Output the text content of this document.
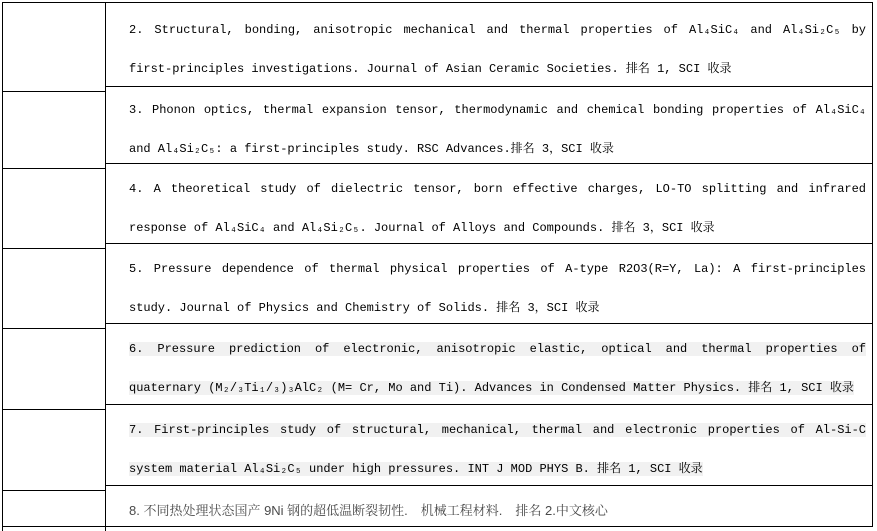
2. Structural, bonding, anisotropic mechanical and thermal properties of Al₄SiC₄ and Al₄Si₂C₅ by first-principles investigations. Journal of Asian Ceramic Societies. 排名 1, SCI 收录

3. Phonon optics, thermal expansion tensor, thermodynamic and chemical bonding properties of Al₄SiC₄ and Al₄Si₂C₅: a first-principles study. RSC Advances.排名 3，SCI 收录

4. A theoretical study of dielectric tensor, born effective charges, LO-TO splitting and infrared response of Al₄SiC₄ and Al₄Si₂C₅. Journal of Alloys and Compounds. 排名 3，SCI 收录

5. Pressure dependence of thermal physical properties of A-type R2O3(R=Y, La): A first-principles study. Journal of Physics and Chemistry of Solids. 排名 3，SCI 收录

6. Pressure prediction of electronic, anisotropic elastic, optical and thermal properties of quaternary (M₂/₃Ti₁/₃)₃AlC₂ (M= Cr, Mo and Ti). Advances in Condensed Matter Physics. 排名 1, SCI 收录

7. First-principles study of structural, mechanical, thermal and electronic properties of Al-Si-C system material Al₄Si₂C₅ under high pressures. INT J MOD PHYS B. 排名 1, SCI 收录

8. 不同热处理状态国产 9Ni 钢的超低温断裂韧性.　机械工程材料.　排名 2.中文核心
